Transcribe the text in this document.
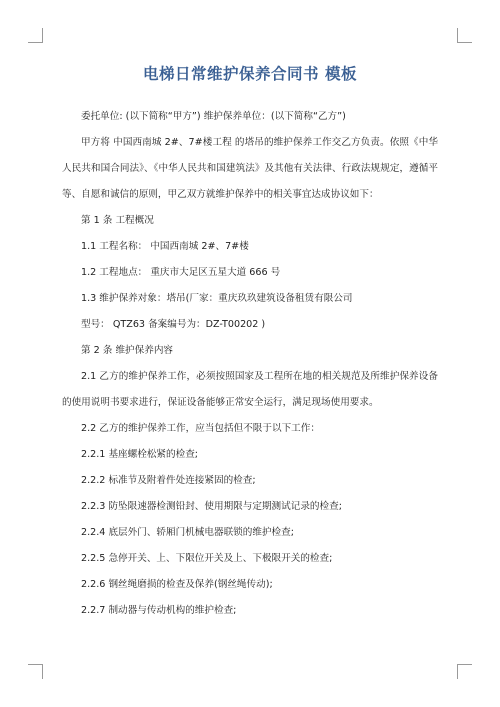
电梯日常维护保养合同书 模板

委托单位: (以下简称“甲方”) 维护保养单位：(以下简称“乙方”)

甲方将 中国西南城 2#、7#楼工程 的塔吊的维护保养工作交乙方负责。依照《中华人民共和国合同法》、《中华人民共和国建筑法》及其他有关法律、行政法规规定，遵循平等、自愿和诚信的原则，甲乙双方就维护保养中的相关事宜达成协议如下：

第 1 条 工程概况

1.1 工程名称： 中国西南城 2#、7#楼

1.2 工程地点： 重庆市大足区五星大道 666 号

1.3 维护保养对象：塔吊(厂家：重庆玖玖建筑设备租赁有限公司

型号： QTZ63 备案编号为：DZ-T00202 )

第 2 条 维护保养内容

2.1 乙方的维护保养工作，必须按照国家及工程所在地的相关规范及所维护保养设备的使用说明书要求进行，保证设备能够正常安全运行，满足现场使用要求。

2.2 乙方的维护保养工作，应当包括但不限于以下工作：

2.2.1 基座螺栓松紧的检查;

2.2.2 标准节及附着件处连接紧固的检查;

2.2.3 防坠限速器检测铅封、使用期限与定期测试记录的检查;

2.2.4 底层外门、轿厢门机械电器联锁的维护检查;

2.2.5 急停开关、上、下限位开关及上、下极限开关的检查;

2.2.6 钢丝绳磨损的检查及保养(钢丝绳传动);

2.2.7 制动器与传动机构的维护检查;
